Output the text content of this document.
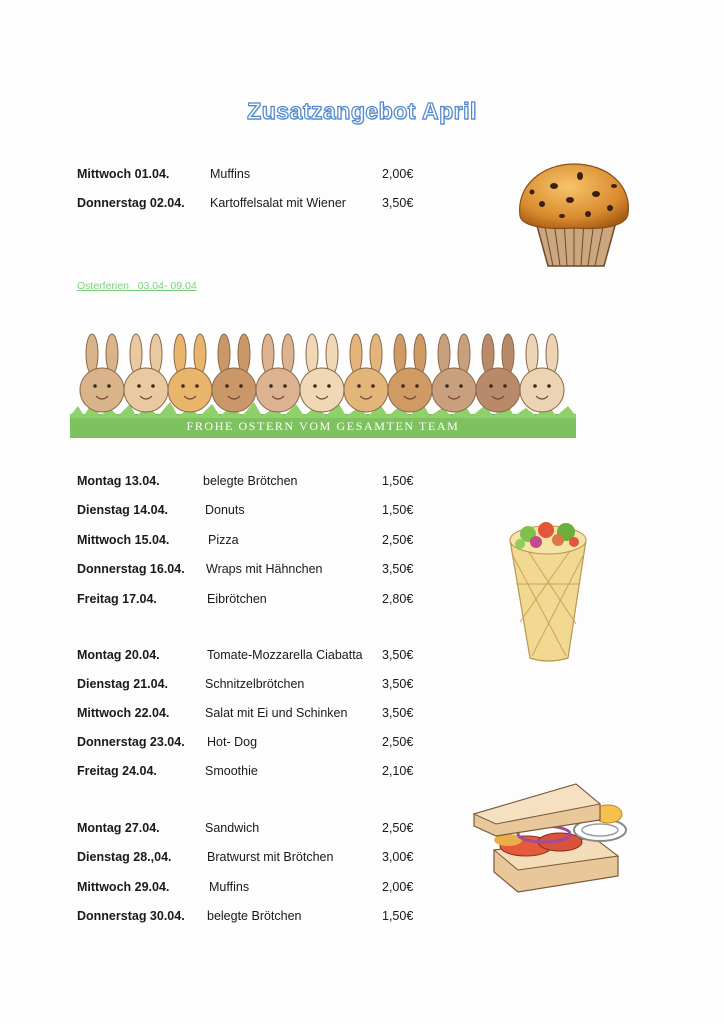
Zusatzangebot April
Mittwoch 01.04.	Muffins	2,00€
Donnerstag 02.04. Kartoffelsalat mit Wiener	3,50€
Osterferien   03.04- 09.04
FROHE OSTERN VOM GESAMTEN TEAM
Montag 13.04.	belegte Brötchen	1,50€
Dienstag 14.04.	Donuts	1,50€
Mittwoch 15.04.	Pizza	2,50€
Donnerstag 16.04. Wraps mit Hähnchen	3,50€
Freitag 17.04.	Eibrötchen	2,80€
Montag 20.04.	Tomate-Mozzarella Ciabatta 3,50€
Dienstag 21.04.	Schnitzelbrötchen	3,50€
Mittwoch 22.04.	Salat mit Ei und Schinken	3,50€
Donnerstag 23.04. Hot- Dog	2,50€
Freitag 24.04.	Smoothie	2,10€
Montag 27.04.	Sandwich	2,50€
Dienstag 28.,04.	Bratwurst mit Brötchen	3,00€
Mittwoch 29.04.	Muffins	2,00€
Donnerstag 30.04. belegte Brötchen	1,50€
